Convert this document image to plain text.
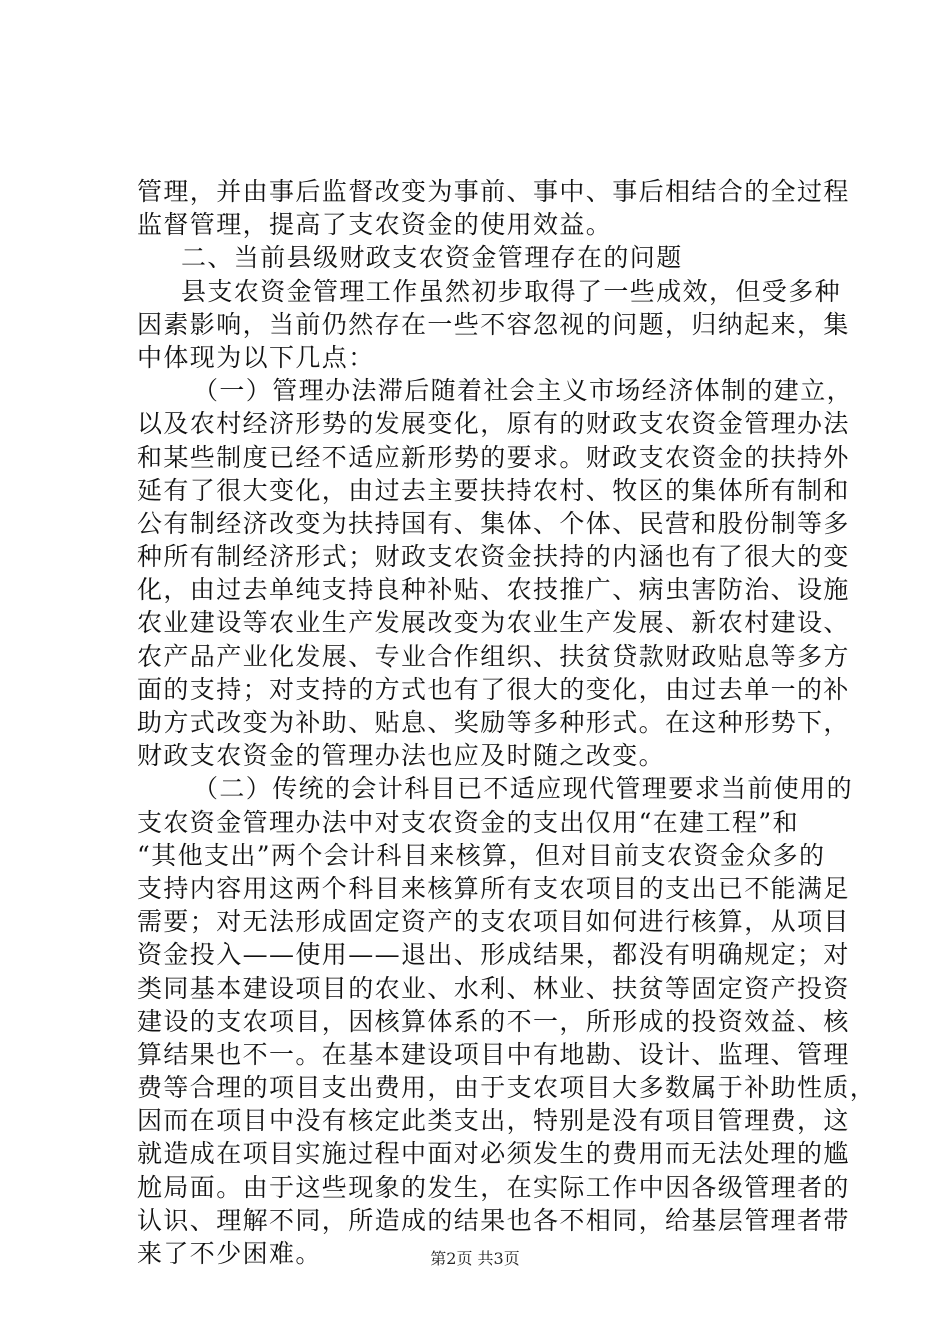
管理，并由事后监督改变为事前、事中、事后相结合的全过程
监督管理，提高了支农资金的使用效益。
二、当前县级财政支农资金管理存在的问题
县支农资金管理工作虽然初步取得了一些成效，但受多种
因素影响，当前仍然存在一些不容忽视的问题，归纳起来，集
中体现为以下几点：
（一）管理办法滞后随着社会主义市场经济体制的建立，
以及农村经济形势的发展变化，原有的财政支农资金管理办法
和某些制度已经不适应新形势的要求。财政支农资金的扶持外
延有了很大变化，由过去主要扶持农村、牧区的集体所有制和
公有制经济改变为扶持国有、集体、个体、民营和股份制等多
种所有制经济形式；财政支农资金扶持的内涵也有了很大的变
化，由过去单纯支持良种补贴、农技推广、病虫害防治、设施
农业建设等农业生产发展改变为农业生产发展、新农村建设、
农产品产业化发展、专业合作组织、扶贫贷款财政贴息等多方
面的支持；对支持的方式也有了很大的变化，由过去单一的补
助方式改变为补助、贴息、奖励等多种形式。在这种形势下，
财政支农资金的管理办法也应及时随之改变。
（二）传统的会计科目已不适应现代管理要求当前使用的
支农资金管理办法中对支农资金的支出仅用“在建工程”和
“其他支出”两个会计科目来核算，但对目前支农资金众多的
支持内容用这两个科目来核算所有支农项目的支出已不能满足
需要；对无法形成固定资产的支农项目如何进行核算，从项目
资金投入——使用——退出、形成结果，都没有明确规定；对
类同基本建设项目的农业、水利、林业、扶贫等固定资产投资
建设的支农项目，因核算体系的不一，所形成的投资效益、核
算结果也不一。在基本建设项目中有地勘、设计、监理、管理
费等合理的项目支出费用，由于支农项目大多数属于补助性质，
因而在项目中没有核定此类支出，特别是没有项目管理费，这
就造成在项目实施过程中面对必须发生的费用而无法处理的尴
尬局面。由于这些现象的发生，在实际工作中因各级管理者的
认识、理解不同，所造成的结果也各不相同，给基层管理者带
来了不少困难。	第2页 共3页
